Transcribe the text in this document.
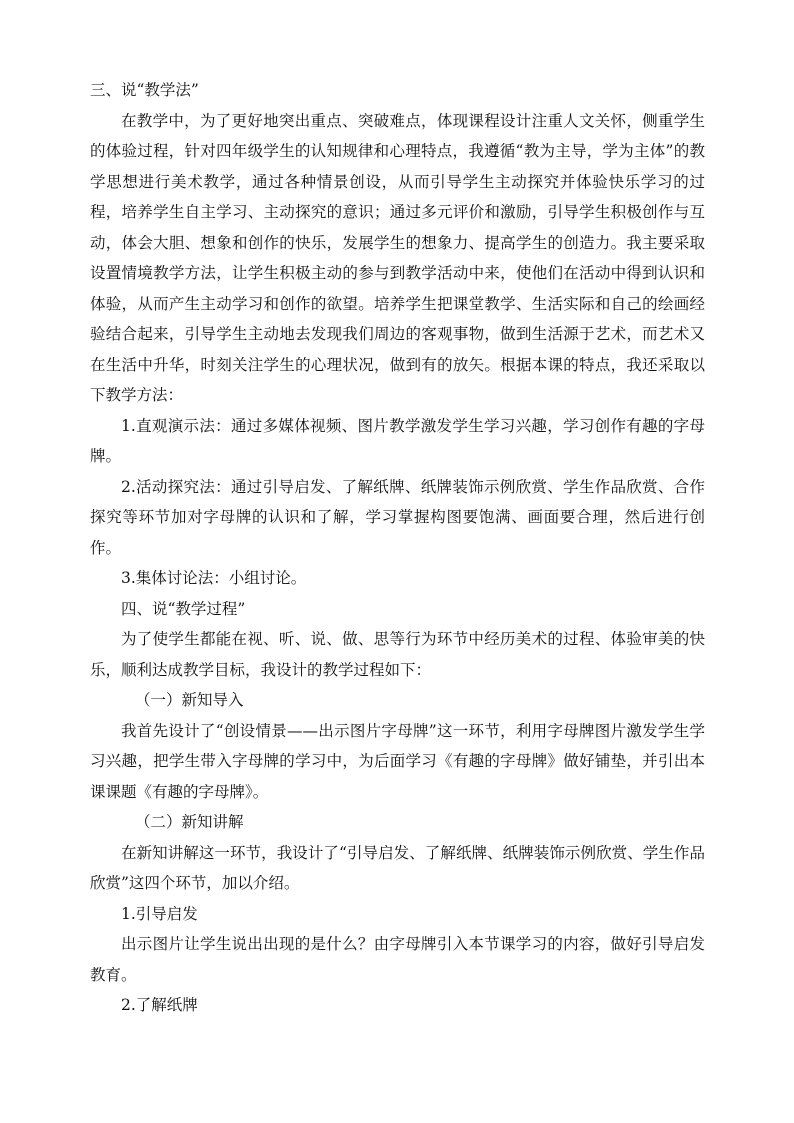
三、说“教学法”

在教学中，为了更好地突出重点、突破难点，体现课程设计注重人文关怀，侧重学生的体验过程，针对四年级学生的认知规律和心理特点，我遵循“教为主导，学为主体”的教学思想进行美术教学，通过各种情景创设，从而引导学生主动探究并体验快乐学习的过程，培养学生自主学习、主动探究的意识；通过多元评价和激励，引导学生积极创作与互动，体会大胆、想象和创作的快乐，发展学生的想象力、提高学生的创造力。我主要采取设置情境教学方法，让学生积极主动的参与到教学活动中来，使他们在活动中得到认识和体验，从而产生主动学习和创作的欲望。培养学生把课堂教学、生活实际和自己的绘画经验结合起来，引导学生主动地去发现我们周边的客观事物，做到生活源于艺术，而艺术又在生活中升华，时刻关注学生的心理状况，做到有的放矢。根据本课的特点，我还采取以下教学方法：

1.直观演示法：通过多媒体视频、图片教学激发学生学习兴趣，学习创作有趣的字母牌。

2.活动探究法：通过引导启发、了解纸牌、纸牌装饰示例欣赏、学生作品欣赏、合作探究等环节加对字母牌的认识和了解，学习掌握构图要饱满、画面要合理，然后进行创作。

3.集体讨论法：小组讨论。

四、说“教学过程”

为了使学生都能在视、听、说、做、思等行为环节中经历美术的过程、体验审美的快乐，顺利达成教学目标，我设计的教学过程如下：

（一）新知导入

我首先设计了“创设情景——出示图片字母牌”这一环节，利用字母牌图片激发学生学习兴趣，把学生带入字母牌的学习中，为后面学习《有趣的字母牌》做好铺垫，并引出本课课题《有趣的字母牌》。

（二）新知讲解

在新知讲解这一环节，我设计了“引导启发、了解纸牌、纸牌装饰示例欣赏、学生作品欣赏”这四个环节，加以介绍。

1.引导启发

出示图片让学生说出出现的是什么？由字母牌引入本节课学习的内容，做好引导启发教育。

2.了解纸牌
